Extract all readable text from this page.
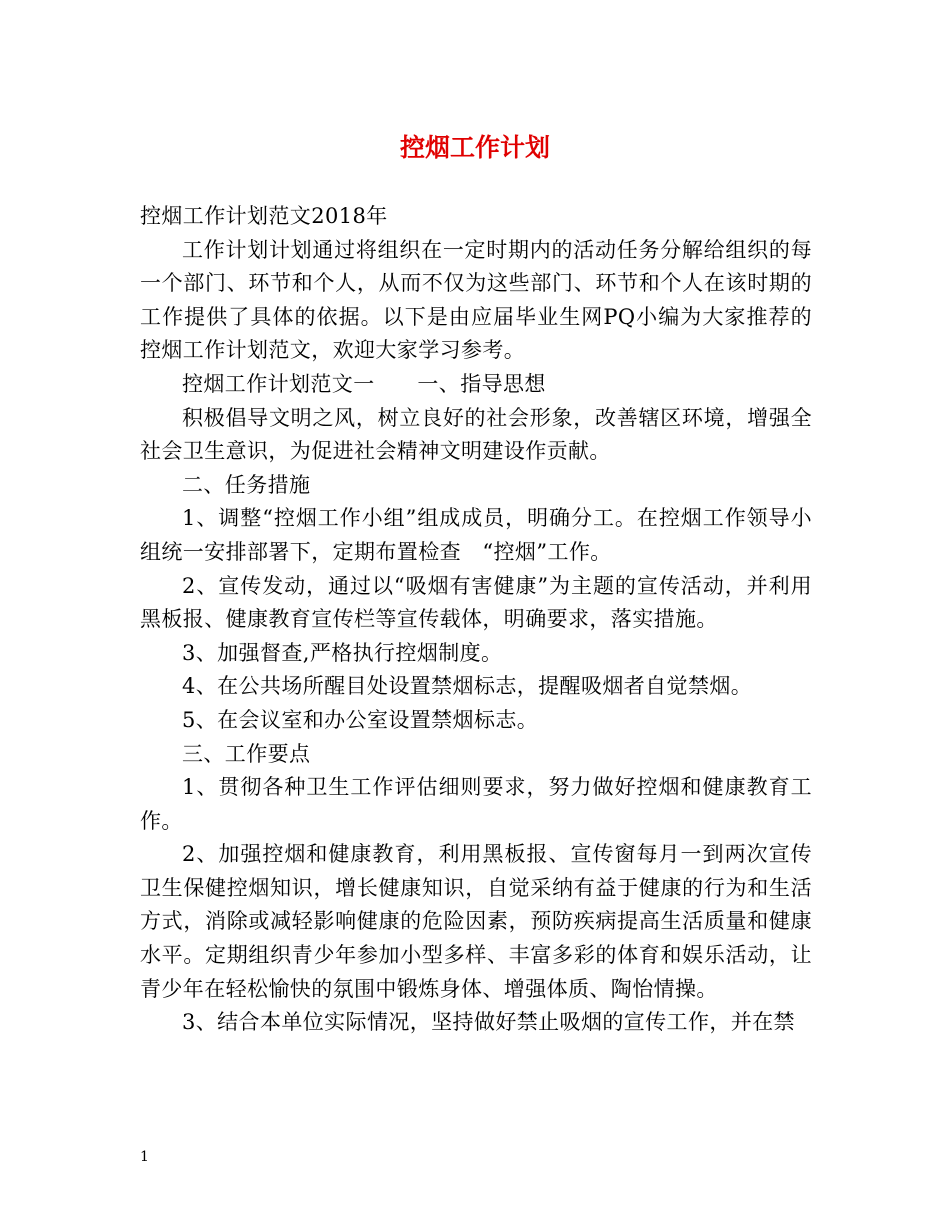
控烟工作计划

控烟工作计划范文2018年

工作计划计划通过将组织在一定时期内的活动任务分解给组织的每一个部门、环节和个人，从而不仅为这些部门、环节和个人在该时期的工作提供了具体的依据。以下是由应届毕业生网PQ小编为大家推荐的控烟工作计划范文，欢迎大家学习参考。

控烟工作计划范文一　　一、指导思想

积极倡导文明之风，树立良好的社会形象，改善辖区环境，增强全社会卫生意识，为促进社会精神文明建设作贡献。

二、任务措施

1、调整“控烟工作小组”组成成员，明确分工。在控烟工作领导小组统一安排部署下，定期布置检查　“控烟”工作。

2、宣传发动，通过以“吸烟有害健康”为主题的宣传活动，并利用黑板报、健康教育宣传栏等宣传载体，明确要求，落实措施。

3、加强督查,严格执行控烟制度。

4、在公共场所醒目处设置禁烟标志，提醒吸烟者自觉禁烟。

5、在会议室和办公室设置禁烟标志。

三、工作要点

1、贯彻各种卫生工作评估细则要求，努力做好控烟和健康教育工作。

2、加强控烟和健康教育，利用黑板报、宣传窗每月一到两次宣传卫生保健控烟知识，增长健康知识，自觉采纳有益于健康的行为和生活方式，消除或减轻影响健康的危险因素，预防疾病提高生活质量和健康水平。定期组织青少年参加小型多样、丰富多彩的体育和娱乐活动，让青少年在轻松愉快的氛围中锻炼身体、增强体质、陶怡情操。

3、结合本单位实际情况，坚持做好禁止吸烟的宣传工作，并在禁

1
